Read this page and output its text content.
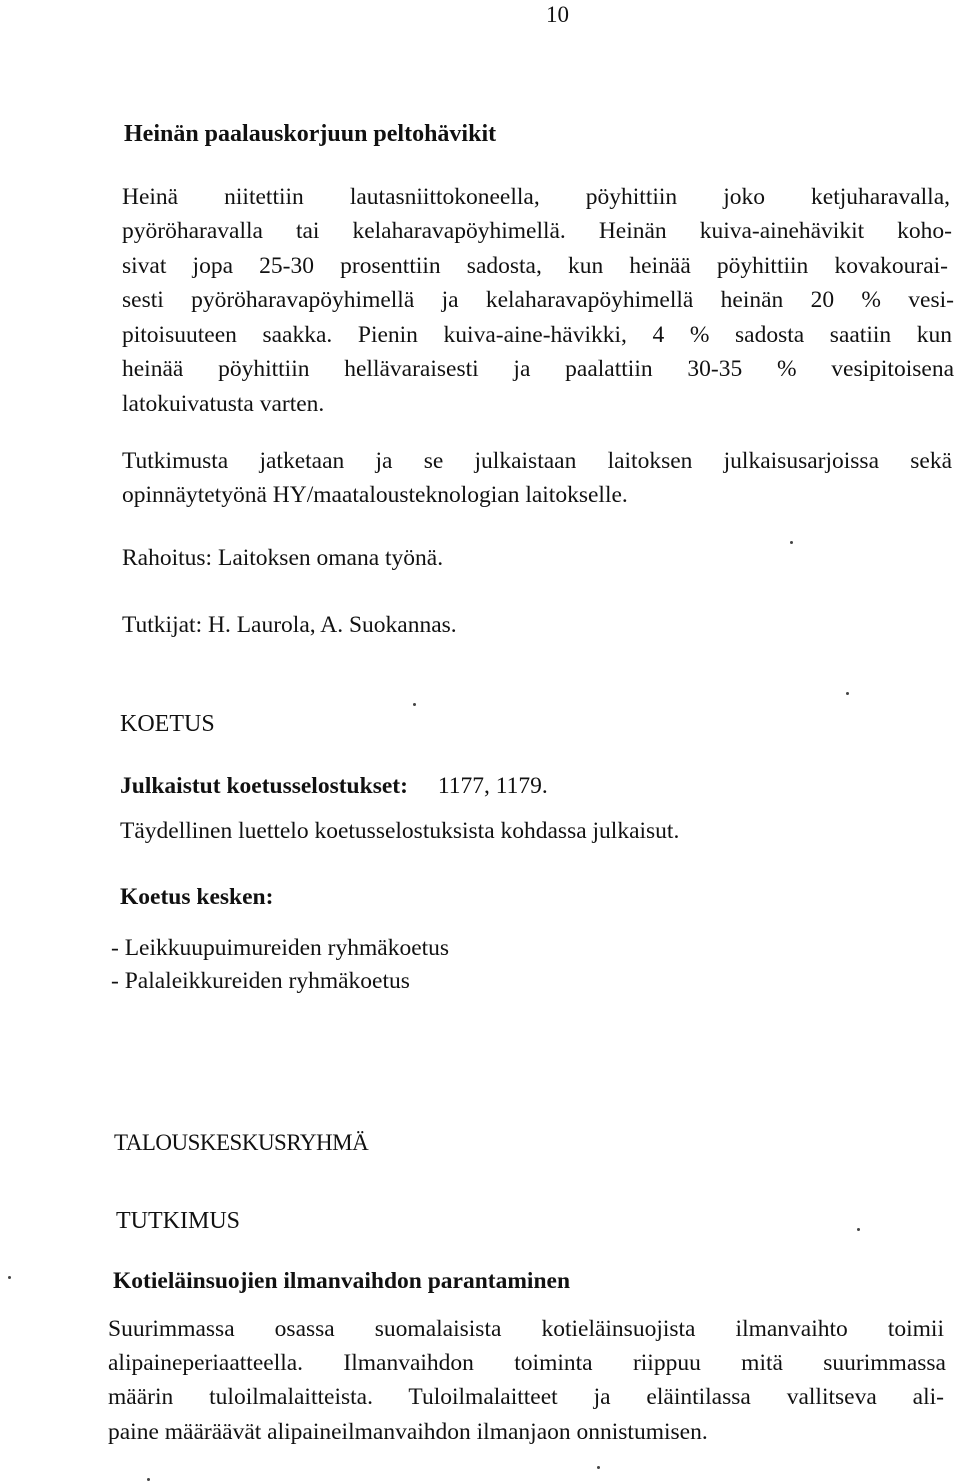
10
Heinän paalauskorjuun peltohävikit
Heinä niitettiin lautasniittokoneella, pöyhittiin joko ketjuharavalla,
pyöröharavalla tai kelaharavapöyhimellä. Heinän kuiva-ainehävikit koho-
sivat jopa 25-30 prosenttiin sadosta, kun heinää pöyhittiin kovakourai-
sesti pyöröharavapöyhimellä ja kelaharavapöyhimellä heinän 20 % vesi-
pitoisuuteen saakka. Pienin kuiva-aine-hävikki, 4 % sadosta saatiin kun
heinää pöyhittiin hellävaraisesti ja paalattiin 30-35 % vesipitoisena
latokuivatusta varten.
Tutkimusta jatketaan ja se julkaistaan laitoksen julkaisusarjoissa sekä
opinnäytetyönä HY/maatalousteknologian laitokselle.
Rahoitus: Laitoksen omana työnä.
Tutkijat: H. Laurola, A. Suokannas.
KOETUS
Julkaistut koetusselostukset: 1177, 1179.
Täydellinen luettelo koetusselostuksista kohdassa julkaisut.
Koetus kesken:
- Leikkuupuimureiden ryhmäkoetus
- Palaleikkureiden ryhmäkoetus
TALOUSKESKUSRYHMÄ
TUTKIMUS
Kotieläinsuojien ilmanvaihdon parantaminen
Suurimmassa osassa suomalaisista kotieläinsuojista ilmanvaihto toimii
alipaineperiaatteella. Ilmanvaihdon toiminta riippuu mitä suurimmassa
määrin tuloilmalaitteista. Tuloilmalaitteet ja eläintilassa vallitseva ali-
paine määräävät alipaineilmanvaihdon ilmanjaon onnistumisen.
